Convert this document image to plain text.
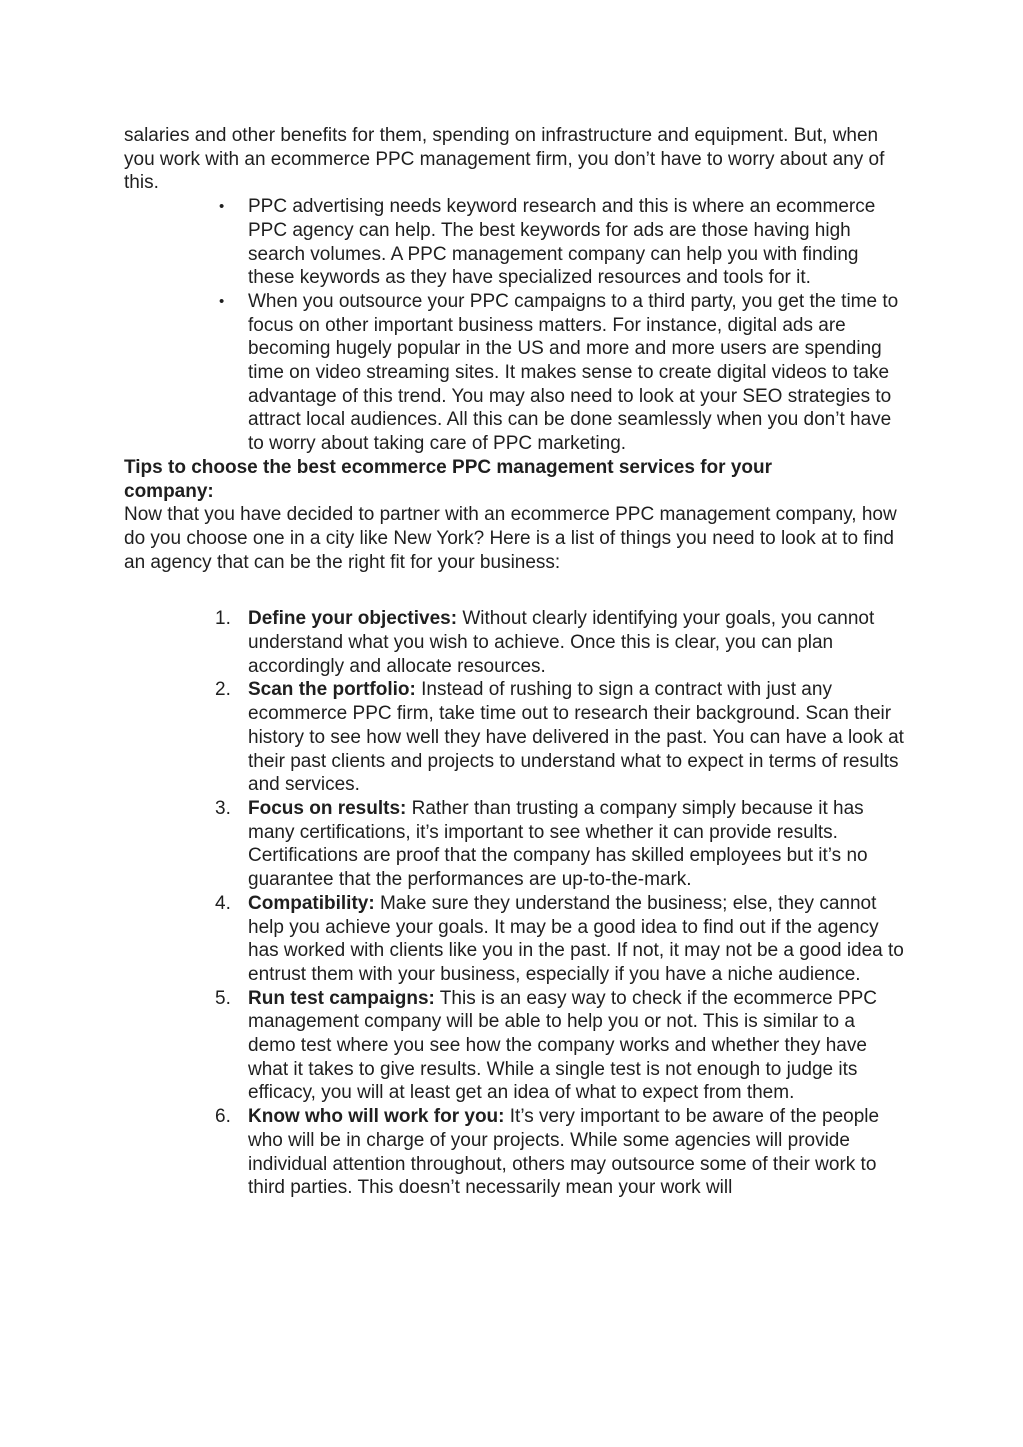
salaries and other benefits for them, spending on infrastructure and equipment. But, when you work with an ecommerce PPC management firm, you don’t have to worry about any of this.

• PPC advertising needs keyword research and this is where an ecommerce PPC agency can help. The best keywords for ads are those having high search volumes. A PPC management company can help you with finding these keywords as they have specialized resources and tools for it.
• When you outsource your PPC campaigns to a third party, you get the time to focus on other important business matters. For instance, digital ads are becoming hugely popular in the US and more and more users are spending time on video streaming sites. It makes sense to create digital videos to take advantage of this trend. You may also need to look at your SEO strategies to attract local audiences. All this can be done seamlessly when you don’t have to worry about taking care of PPC marketing.

Tips to choose the best ecommerce PPC management services for your company:

Now that you have decided to partner with an ecommerce PPC management company, how do you choose one in a city like New York? Here is a list of things you need to look at to find an agency that can be the right fit for your business:

1. Define your objectives: Without clearly identifying your goals, you cannot understand what you wish to achieve. Once this is clear, you can plan accordingly and allocate resources.
2. Scan the portfolio: Instead of rushing to sign a contract with just any ecommerce PPC firm, take time out to research their background. Scan their history to see how well they have delivered in the past. You can have a look at their past clients and projects to understand what to expect in terms of results and services.
3. Focus on results: Rather than trusting a company simply because it has many certifications, it’s important to see whether it can provide results. Certifications are proof that the company has skilled employees but it’s no guarantee that the performances are up-to-the-mark.
4. Compatibility: Make sure they understand the business; else, they cannot help you achieve your goals. It may be a good idea to find out if the agency has worked with clients like you in the past. If not, it may not be a good idea to entrust them with your business, especially if you have a niche audience.
5. Run test campaigns: This is an easy way to check if the ecommerce PPC management company will be able to help you or not. This is similar to a demo test where you see how the company works and whether they have what it takes to give results. While a single test is not enough to judge its efficacy, you will at least get an idea of what to expect from them.
6. Know who will work for you: It’s very important to be aware of the people who will be in charge of your projects. While some agencies will provide individual attention throughout, others may outsource some of their work to third parties. This doesn’t necessarily mean your work will
